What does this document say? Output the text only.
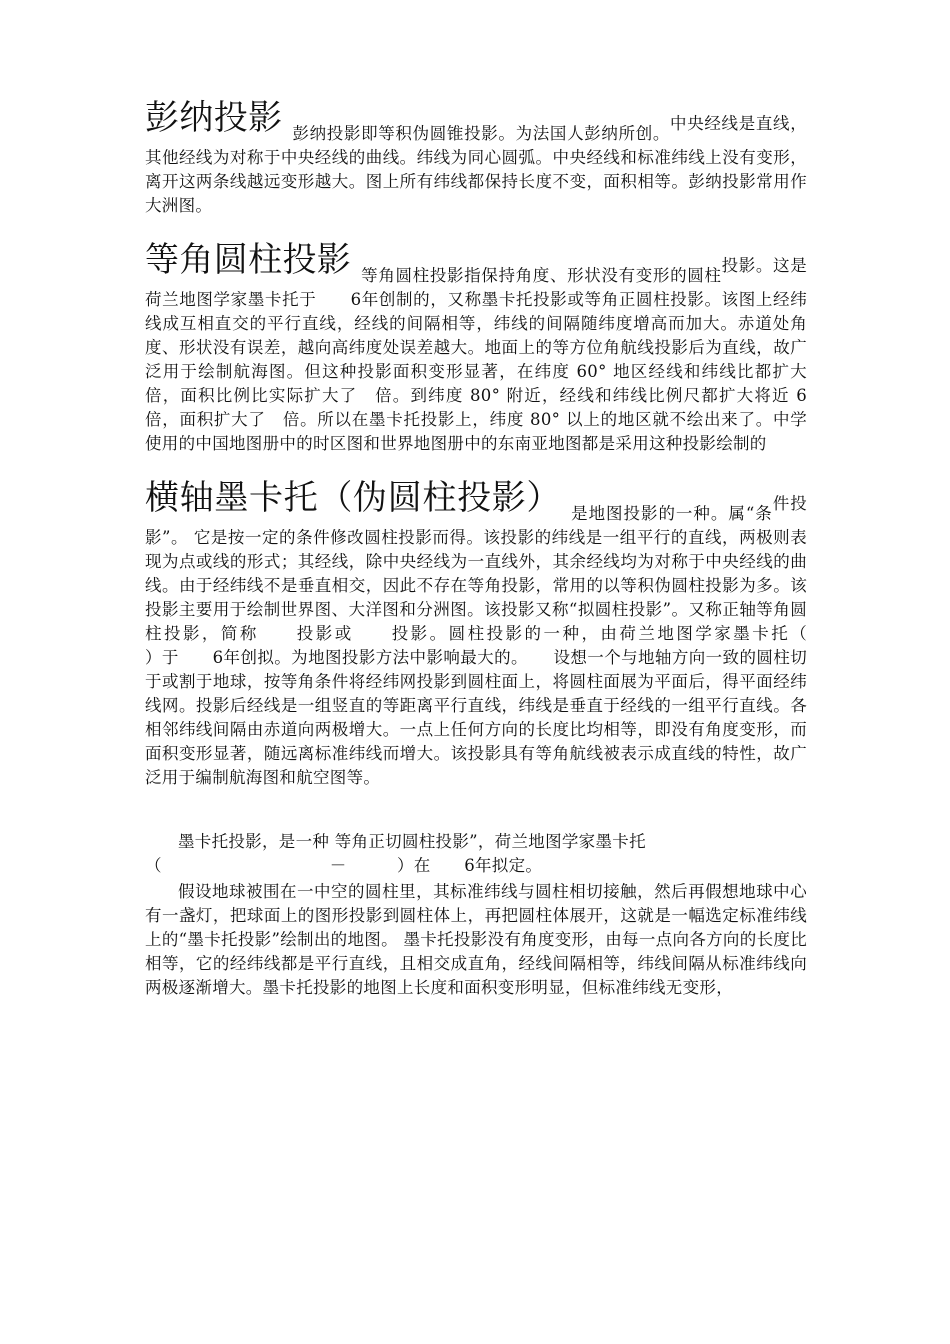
彭纳投影 彭纳投影即等积伪圆锥投影。为法国人彭纳所创。中央经线是直线，其他经线为对称于中央经线的曲线。纬线为同心圆弧。中央经线和标准纬线上没有变形，离开这两条线越远变形越大。图上所有纬线都保持长度不变，面积相等。彭纳投影常用作大洲图。

等角圆柱投影 等角圆柱投影指保持角度、形状没有变形的圆柱投影。这是荷兰地图学家墨卡托于　　6年创制的，又称墨卡托投影或等角正圆柱投影。该图上经纬线成互相直交的平行直线，经线的间隔相等，纬线的间隔随纬度增高而加大。赤道处角度、形状没有误差，越向高纬度处误差越大。地面上的等方位角航线投影后为直线，故广泛用于绘制航海图。但这种投影面积变形显著，在纬度 60° 地区经线和纬线比都扩大　倍，面积比例比实际扩大了　倍。到纬度 80° 附近，经线和纬线比例尺都扩大将近 6 倍，面积扩大了　倍。所以在墨卡托投影上，纬度 80° 以上的地区就不绘出来了。中学使用的中国地图册中的时区图和世界地图册中的东南亚地图都是采用这种投影绘制的

横轴墨卡托（伪圆柱投影） 是地图投影的一种。属“条件投影”。 它是按一定的条件修改圆柱投影而得。该投影的纬线是一组平行的直线，两极则表现为点或线的形式；其经线，除中央经线为一直线外，其余经线均为对称于中央经线的曲线。由于经纬线不是垂直相交，因此不存在等角投影，常用的以等积伪圆柱投影为多。该投影主要用于绘制世界图、大洋图和分洲图。该投影又称“拟圆柱投影”。又称正轴等角圆柱投影，简称　　投影或　　投影。圆柱投影的一种，由荷兰地图学家墨卡托（　　　　）于　　6年创拟。为地图投影方法中影响最大的。　　设想一个与地轴方向一致的圆柱切于或割于地球，按等角条件将经纬网投影到圆柱面上，将圆柱面展为平面后，得平面经纬线网。投影后经线是一组竖直的等距离平行直线，纬线是垂直于经线的一组平行直线。各相邻纬线间隔由赤道向两极增大。一点上任何方向的长度比均相等，即没有角度变形，而面积变形显著，随远离标准纬线而增大。该投影具有等角航线被表示成直线的特性，故广泛用于编制航海图和航空图等。

墨卡托投影，是一种 等角正切圆柱投影”，荷兰地图学家墨卡托

（　　　　　　　　　　－　　　）在　　6年拟定。

假设地球被围在一中空的圆柱里，其标准纬线与圆柱相切接触，然后再假想地球中心有一盏灯，把球面上的图形投影到圆柱体上，再把圆柱体展开，这就是一幅选定标准纬线上的“墨卡托投影”绘制出的地图。 墨卡托投影没有角度变形，由每一点向各方向的长度比相等，它的经纬线都是平行直线，且相交成直角，经线间隔相等，纬线间隔从标准纬线向两极逐渐增大。墨卡托投影的地图上长度和面积变形明显，但标准纬线无变形，
